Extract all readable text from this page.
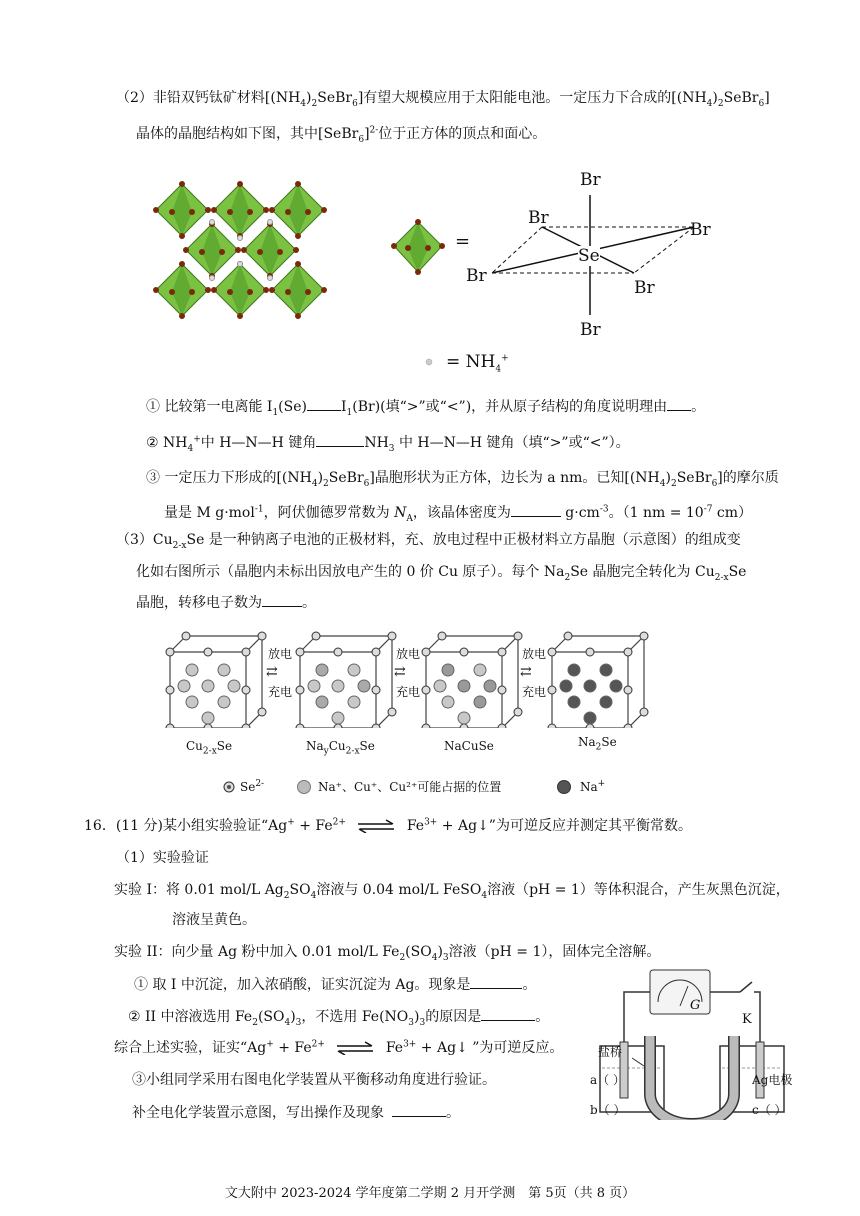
（2）非铅双钙钛矿材料$[(NH_4)_2SeBr_6]$有望大规模应用于太阳能电池。一定压力下合成的$[(NH_4)_2SeBr_6]$
晶体的晶胞结构如下图，其中[SeBr$_6$]$^{2-}$位于正方体的顶点和面心。
=
Br
Br
Br
Se
Br
Br
Br
= $NH_4^+$
① 比较第一电离能 $I_1(Se)$ $I_1(Br)$(填“>”或“<”)，并从原子结构的角度说明理由 。
② $NH_4^+$中 H—N—H 键角	$NH_3$ 中 H—N—H 键角（填“>”或“<”）。
③ 一定压力下形成的$[(NH_4)_2SeBr_6]$晶胞形状为正方体，边长为 a nm。已知$[(NH_4)_2SeBr_6]$的摩尔质
量是 M g·mol$^{-1}$，阿伏伽德罗常数为 $N_A$，该晶体密度为	$g\cdot cm^{-3}$。（1 nm = $10^{-7}$ cm）
$(3)Cu_{2-x}Se$ 是一种钠离子电池的正极材料，充、放电过程中正极材料立方晶胞（示意图）的组成变
化如右图所示（晶胞内未标出因放电产生的 0 价 Cu 原子）。每个 $Na_2Se$ 晶胞完全转化为 $Cu_{2-x}Se$
晶胞，转移电子数为	。
放电
⇄
充电
放电
⇄
充电
放电
⇄
充电
$Cu_{2-x}Se$	$Na_yCu_{2-x}Se$	NaCuSe	$Na_2Se$
$Se^{2-}$	Na⁺、Cu⁺、Cu²⁺可能占据的位置	Na+
16．(11 分)某小组实验验证“$Ag^+ + Fe^{2+}$ ⇌ $Fe^{3+}$ + Ag↓”为可逆反应并测定其平衡常数。
（1）实验验证
实验 I：将 0.01 mol/L $Ag_2SO_4$溶液与 0.04 mol/L FeSO$_4$溶液（pH = 1）等体积混合，产生灰黑色沉淀，
溶液呈黄色。
实验 II：向少量 Ag 粉中加入 0.01 mol/L $Fe_2(SO_4)_3$溶液（pH = 1），固体完全溶解。
① 取 I 中沉淀，加入浓硝酸，证实沉淀为 Ag。现象是	。
② II 中溶液选用 $Fe_2(SO_4)_3$，不选用 $Fe(NO_3)_3$的原因是	。
综合上述实验，证实“$Ag^+ + Fe^{2+}$ ⇌ $Fe^{3+}$ + Ag↓ ”为可逆反应。
③小组同学采用右图电化学装置从平衡移动角度进行验证。
补全电化学装置示意图，写出操作及现象	。
G
K
盐桥
a（ ）	Ag电极
b（ ）	c（ ）
文大附中 2023-2024 学年度第二学期 2 月开学测　第 5页（共 8 页）
